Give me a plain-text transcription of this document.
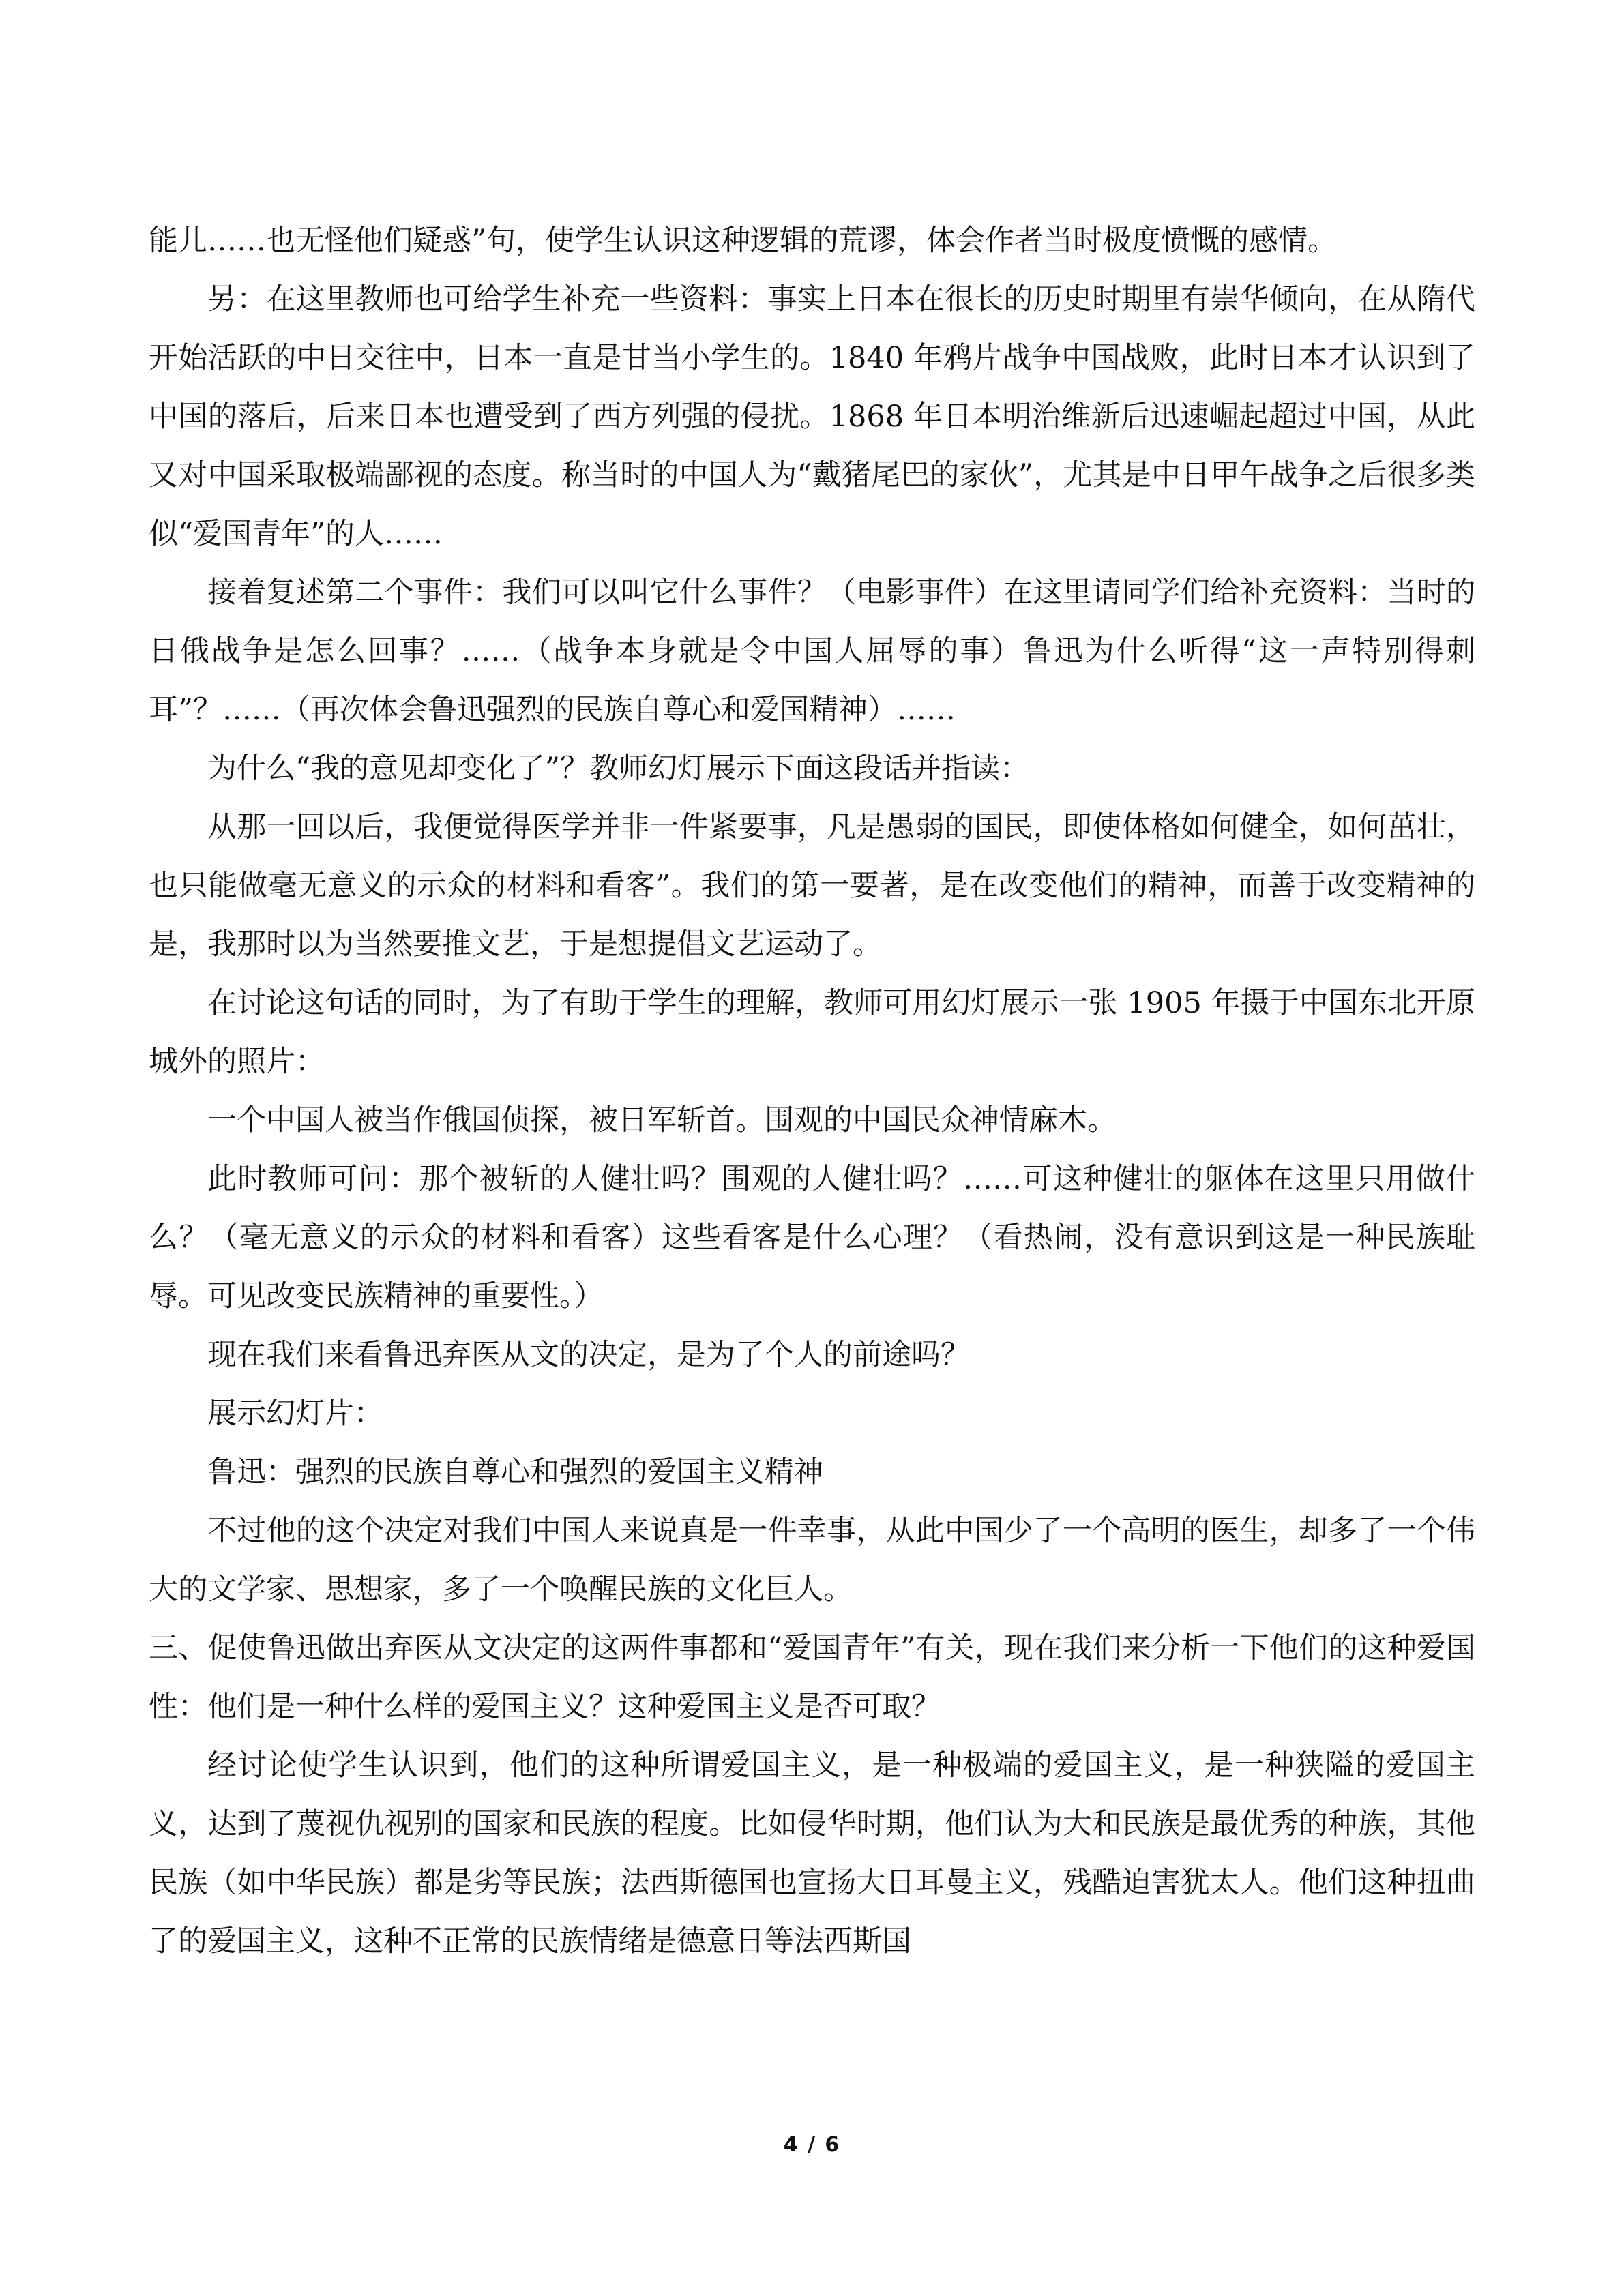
能儿……也无怪他们疑惑”句，使学生认识这种逻辑的荒谬，体会作者当时极度愤慨的感情。

另：在这里教师也可给学生补充一些资料：事实上日本在很长的历史时期里有崇华倾向，在从隋代开始活跃的中日交往中，日本一直是甘当小学生的。1840 年鸦片战争中国战败，此时日本才认识到了中国的落后，后来日本也遭受到了西方列强的侵扰。1868 年日本明治维新后迅速崛起超过中国，从此又对中国采取极端鄙视的态度。称当时的中国人为“戴猪尾巴的家伙”，尤其是中日甲午战争之后很多类似“爱国青年”的人……

接着复述第二个事件：我们可以叫它什么事件？（电影事件）在这里请同学们给补充资料：当时的日俄战争是怎么回事？……（战争本身就是令中国人屈辱的事）鲁迅为什么听得“这一声特别得刺耳”？……（再次体会鲁迅强烈的民族自尊心和爱国精神）……

为什么“我的意见却变化了”？教师幻灯展示下面这段话并指读：

从那一回以后，我便觉得医学并非一件紧要事，凡是愚弱的国民，即使体格如何健全，如何茁壮，也只能做毫无意义的示众的材料和看客”。我们的第一要著，是在改变他们的精神，而善于改变精神的是，我那时以为当然要推文艺，于是想提倡文艺运动了。

在讨论这句话的同时，为了有助于学生的理解，教师可用幻灯展示一张 1905 年摄于中国东北开原城外的照片：

一个中国人被当作俄国侦探，被日军斩首。围观的中国民众神情麻木。

此时教师可问：那个被斩的人健壮吗？围观的人健壮吗？……可这种健壮的躯体在这里只用做什么？（毫无意义的示众的材料和看客）这些看客是什么心理？（看热闹，没有意识到这是一种民族耻辱。可见改变民族精神的重要性。）

现在我们来看鲁迅弃医从文的决定，是为了个人的前途吗？

展示幻灯片：

鲁迅：强烈的民族自尊心和强烈的爱国主义精神

不过他的这个决定对我们中国人来说真是一件幸事，从此中国少了一个高明的医生，却多了一个伟大的文学家、思想家，多了一个唤醒民族的文化巨人。

三、促使鲁迅做出弃医从文决定的这两件事都和“爱国青年”有关，现在我们来分析一下他们的这种爱国性：他们是一种什么样的爱国主义？这种爱国主义是否可取？

经讨论使学生认识到，他们的这种所谓爱国主义，是一种极端的爱国主义，是一种狭隘的爱国主义，达到了蔑视仇视别的国家和民族的程度。比如侵华时期，他们认为大和民族是最优秀的种族，其他民族（如中华民族）都是劣等民族；法西斯德国也宣扬大日耳曼主义，残酷迫害犹太人。他们这种扭曲了的爱国主义，这种不正常的民族情绪是德意日等法西斯国

4 / 6
